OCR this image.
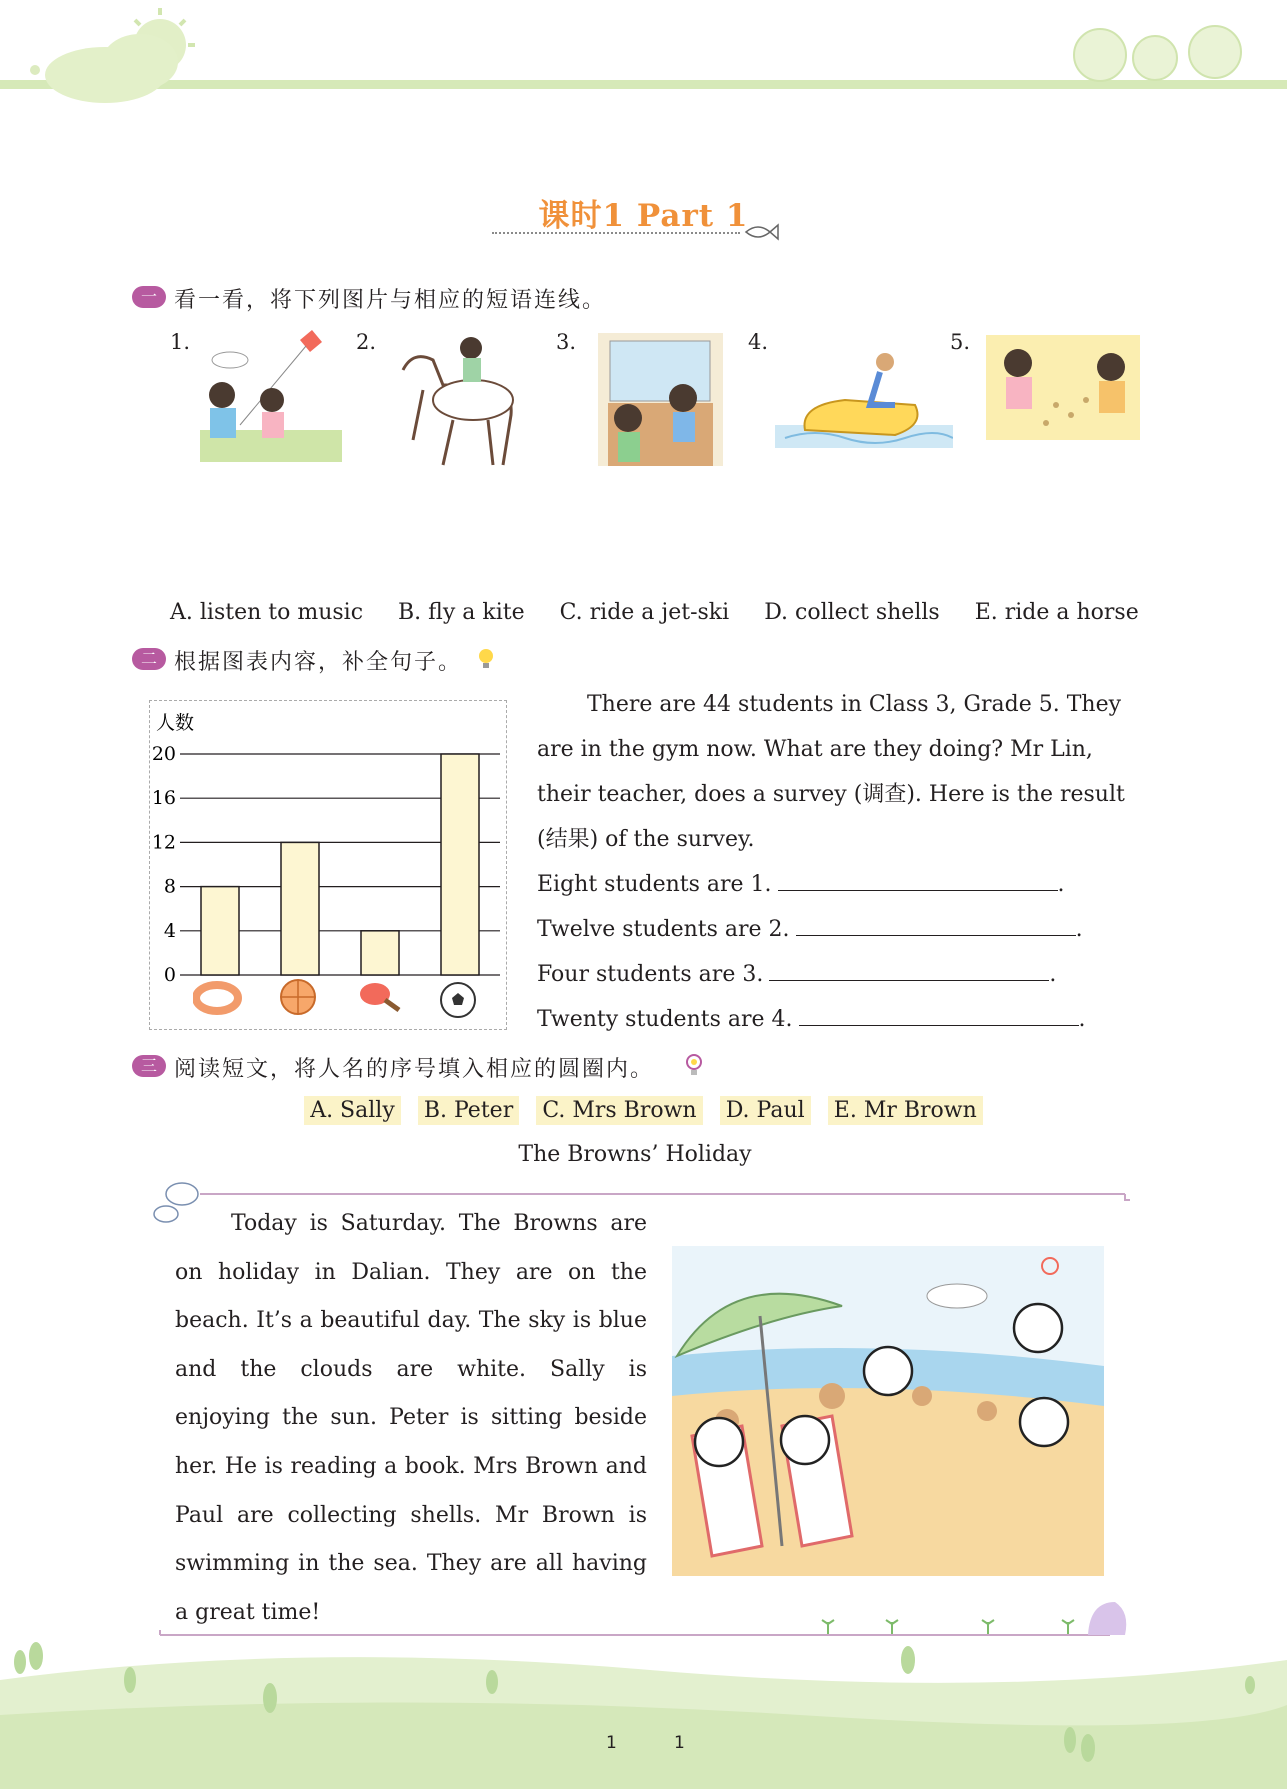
课时1 Part 1
一 看一看，将下列图片与相应的短语连线。
1.	2.	3.	4.	5.
A. listen to music B. fly a kite C. ride a jet-ski D. collect shells E. ride a horse
二 根据图表内容，补全句子。
人数
0
4
8
12
16
20
There are 44 students in Class 3, Grade 5. They
are in the gym now. What are they doing? Mr Lin,
their teacher, does a survey (调查). Here is the result
(结果) of the survey.
Eight students are 1.	.
Twelve students are 2.	.
Four students are 3.	.
Twenty students are 4.	.
三 阅读短文，将人名的序号填入相应的圆圈内。
A. Sally B. Peter C. Mrs Brown D. Paul E. Mr Brown
The Browns’ Holiday
Today is Saturday. The Browns are on holiday in Dalian. They are on the beach. It’s a beautiful day. The sky is blue and the clouds are white. Sally is enjoying the sun. Peter is sitting beside her. He is reading a book. Mrs Brown and Paul are collecting shells. Mr Brown is swimming in the sea. They are all having a great time!
1	1
